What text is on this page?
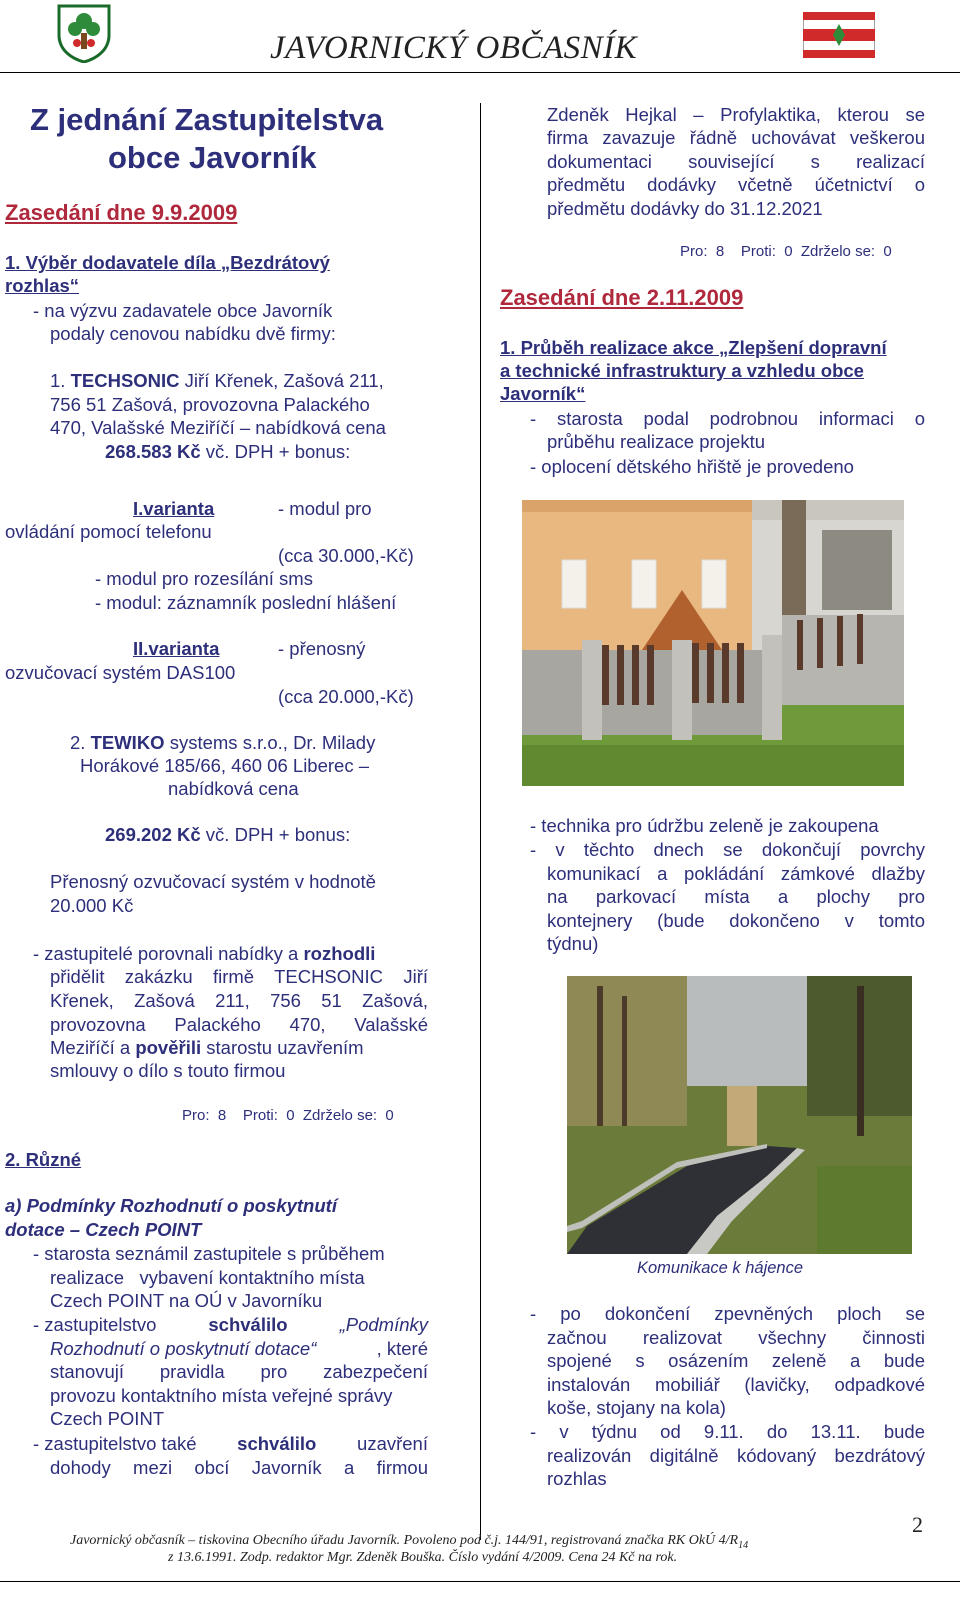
JAVORNICKÝ OBČASNÍK
Z jednání Zastupitelstva
obce Javorník
Zasedání dne 9.9.2009
1. Výběr dodavatele díla „Bezdrátový
rozhlas“
- na výzvu zadavatele obce Javorník
podaly cenovou nabídku dvě firmy:
1. TECHSONIC Jiří Křenek, Zašová 211,
756 51 Zašová, provozovna Palackého
470, Valašské Meziříčí – nabídková cena
268.583 Kč vč. DPH + bonus:
I.varianta	- modul pro
ovládání pomocí telefonu
(cca 30.000,-Kč)
- modul pro rozesílání sms
- modul: záznamník poslední hlášení
II.varianta	- přenosný
ozvučovací systém DAS100
(cca 20.000,-Kč)
2. TEWIKO systems s.r.o., Dr. Milady
Horákové 185/66, 460 06 Liberec –
nabídková cena
269.202 Kč vč. DPH + bonus:
Přenosný ozvučovací systém v hodnotě
20.000 Kč
- zastupitelé porovnali nabídky a rozhodli
přidělit zakázku firmě TECHSONIC Jiří
Křenek, Zašová 211, 756 51 Zašová,
provozovna Palackého 470, Valašské
Meziříčí a pověřili starostu uzavřením
smlouvy o dílo s touto firmou
Pro:  8    Proti:  0  Zdrželo se:  0
2. Různé
a) Podmínky Rozhodnutí o poskytnutí
dotace – Czech POINT
- starosta seznámil zastupitele s průběhem
realizace   vybavení kontaktního místa
Czech POINT na OÚ v Javorníku
- zastupitelstvo	schválilo	„Podmínky
Rozhodnutí o poskytnutí dotace“	, které
stanovují pravidla pro zabezpečení
provozu kontaktního místa veřejné správy
Czech POINT
- zastupitelstvo také schválilo uzavření
dohody mezi obcí Javorník a firmou
Zdeněk Hejkal – Profylaktika, kterou se
firma zavazuje řádně uchovávat veškerou
dokumentaci související s realizací
předmětu dodávky včetně účetnictví o
předmětu dodávky do 31.12.2021
Pro:  8    Proti:  0  Zdrželo se:  0
Zasedání dne 2.11.2009
1. Průběh realizace akce „Zlepšení dopravní
a technické infrastruktury a vzhledu obce
Javorník“
- starosta podal podrobnou informaci o
průběhu realizace projektu
- oplocení dětského hřiště je provedeno
- technika pro údržbu zeleně je zakoupena
- v těchto dnech se dokončují povrchy
komunikací a pokládání zámkové dlažby
na parkovací místa a plochy pro
kontejnery (bude dokončeno v tomto
týdnu)
Komunikace k hájence
- po dokončení zpevněných ploch se
začnou realizovat všechny činnosti
spojené s osázením zeleně a bude
instalován mobiliář (lavičky, odpadkové
koše, stojany na kola)
- v týdnu od 9.11. do 13.11. bude
realizován digitálně kódovaný bezdrátový
rozhlas
Javornický občasník – tiskovina Obecního úřadu Javorník. Povoleno pod č.j. 144/91, registrovaná značka RK OkÚ $4/R_{14}$
z 13.6.1991. Zodp. redaktor Mgr. Zdeněk Bouška. Číslo vydání 4/2009. Cena 24 Kč na rok.
2
